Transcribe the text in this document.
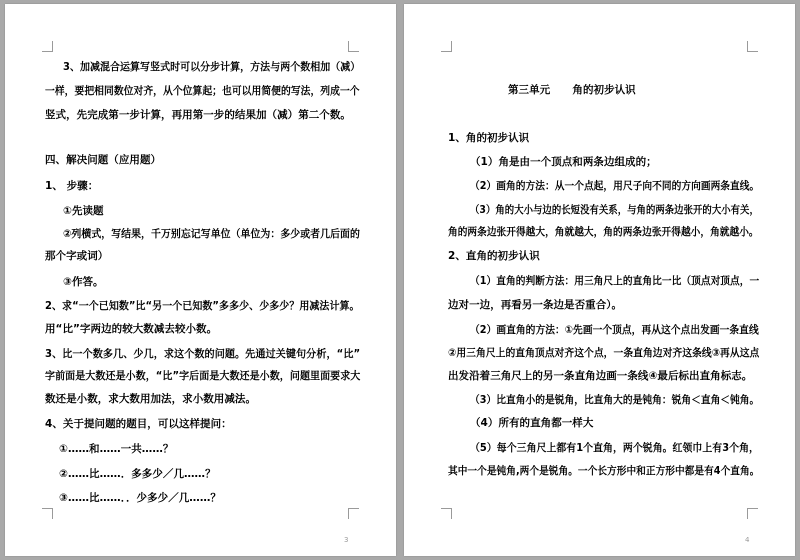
3、加减混合运算写竖式时可以分步计算，方法与两个数相加（减）
一样，要把相同数位对齐，从个位算起；也可以用简便的写法，列成一个
竖式，先完成第一步计算，再用第一步的结果加（减）第二个数。
四、解决问题（应用题）
1、 步骤：
①先读题
②列横式，写结果，千万别忘记写单位（单位为：多少或者几后面的
那个字或词）
③作答。
2、求“一个已知数”比“另一个已知数”多多少、少多少？用减法计算。
用“比”字两边的较大数减去较小数。
3、比一个数多几、少几，求这个数的问题。先通过关键句分析，“比”
字前面是大数还是小数，“比”字后面是大数还是小数，问题里面要求大
数还是小数，求大数用加法，求小数用减法。
4、关于提问题的题目，可以这样提问：
①……和……一共……？
②……比……．多多少／几……？
③……比……．．少多少／几……？
3
第三单元      角的初步认识
1、角的初步认识
（1）角是由一个顶点和两条边组成的；
（2）画角的方法：从一个点起，用尺子向不同的方向画两条直线。
（3）角的大小与边的长短没有关系，与角的两条边张开的大小有关，
角的两条边张开得越大，角就越大，角的两条边张开得越小，角就越小。
2、直角的初步认识
（1）直角的判断方法：用三角尺上的直角比一比（顶点对顶点，一
边对一边，再看另一条边是否重合）。
（2）画直角的方法：①先画一个顶点，再从这个点出发画一条直线
②用三角尺上的直角顶点对齐这个点，一条直角边对齐这条线③再从这点
出发沿着三角尺上的另一条直角边画一条线④最后标出直角标志。
（3）比直角小的是锐角，比直角大的是钝角：锐角＜直角＜钝角。
（4）所有的直角都一样大
（5）每个三角尺上都有1个直角，两个锐角。红领巾上有3个角，
其中一个是钝角,两个是锐角。一个长方形中和正方形中都是有4个直角。
4
